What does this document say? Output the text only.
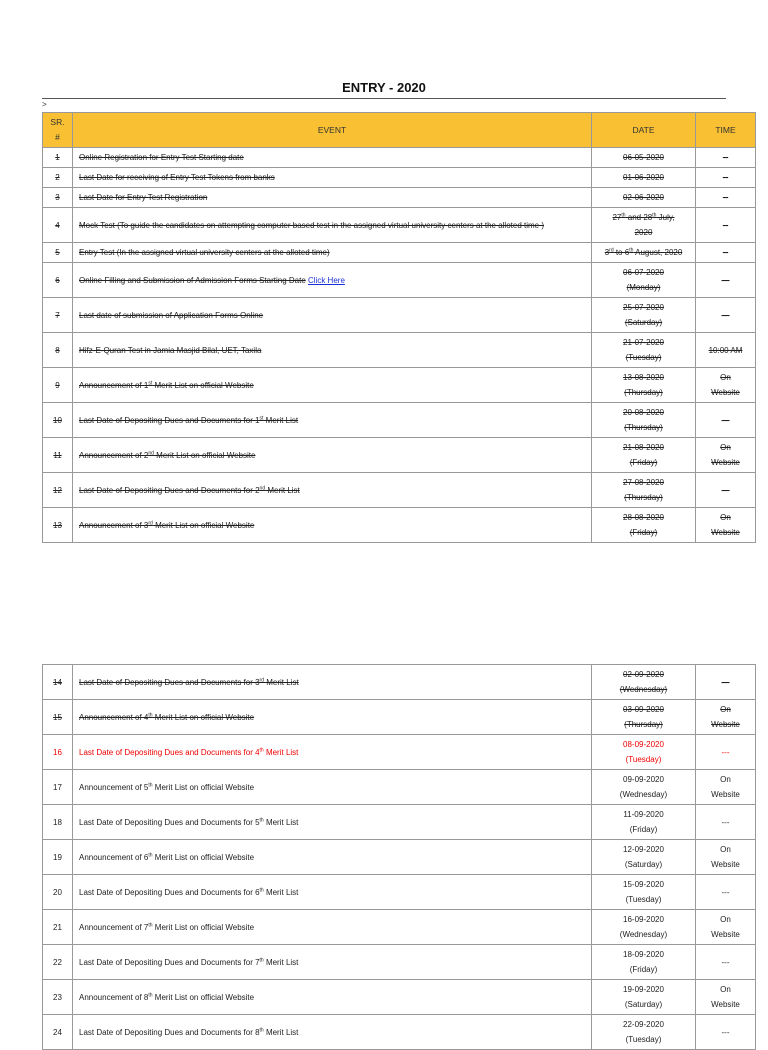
ENTRY - 2020
>
SR. #	EVENT	DATE	TIME
1	Online Registration for Entry Test Starting date	06-05-2020	--
2	Last Date for receiving of Entry Test Tokens from banks	01-06-2020	--
3	Last Date for Entry Test Registration	02-06-2020	--
4	Mock Test (To guide the candidates on attempting computer based test in the assigned virtual university centers at the alloted time )	27th and 28th July,
2020	--
5	Entry Test (In the assigned virtual university centers at the alloted time)	3rd to 6th August, 2020	--
6	Online Filling and Submission of Admission Forms Starting Date Click Here	06-07-2020
(Monday)	---
7	Last date of submission of Application Forms Online	25-07-2020
(Saturday)	---
8	Hifz-E-Quran Test in Jamia Masjid Bilal, UET, Taxila	21-07-2020
(Tuesday)	10:00 AM
9	Announcement of 1st Merit List on official Website	13-08-2020
(Thursday)	On
Website
10	Last Date of Depositing Dues and Documents for 1st Merit List	20-08-2020
(Thursday)	—
11	Announcement of 2nd Merit List on official Website	21-08-2020
(Friday)	On
Website
12	Last Date of Depositing Dues and Documents for 2nd Merit List	27-08-2020
(Thursday)	—
13	Announcement of 3rd Merit List on official Website	28-08-2020
(Friday)	On
Website
14	Last Date of Depositing Dues and Documents for 3rd Merit List	02-09-2020
(Wednesday)	---
15	Announcement of 4th Merit List on official Website	03-09-2020
(Thursday)	On
Website
16	Last Date of Depositing Dues and Documents for 4th Merit List	08-09-2020
(Tuesday)	---
17	Announcement of 5th Merit List on official Website	09-09-2020
(Wednesday)	On
Website
18	Last Date of Depositing Dues and Documents for 5th Merit List	11-09-2020
(Friday)	---
19	Announcement of 6th Merit List on official Website	12-09-2020
(Saturday)	On
Website
20	Last Date of Depositing Dues and Documents for 6th Merit List	15-09-2020
(Tuesday)	---
21	Announcement of 7th Merit List on official Website	16-09-2020
(Wednesday)	On
Website
22	Last Date of Depositing Dues and Documents for 7th Merit List	18-09-2020
(Friday)	---
23	Announcement of 8th Merit List on official Website	19-09-2020
(Saturday)	On
Website
24	Last Date of Depositing Dues and Documents for 8th Merit List	22-09-2020
(Tuesday)	---
